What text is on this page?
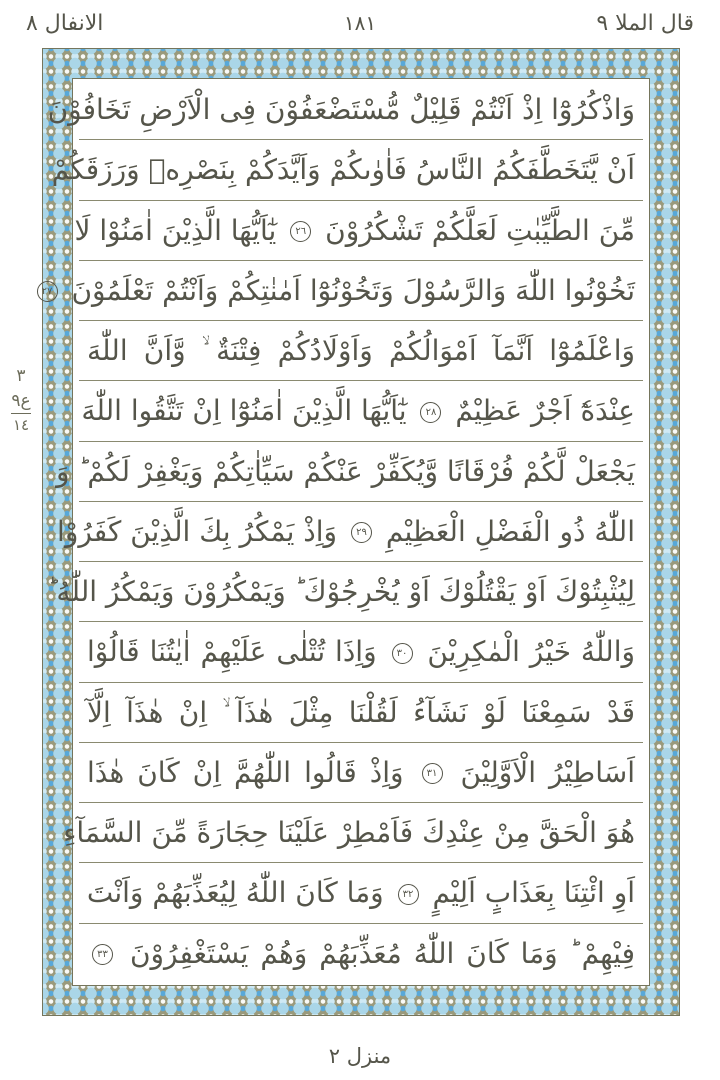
قال الملا ٩
١٨١
الانفال ٨
٣
ع٩
١٤
وَاذْكُرُوْٓا اِذْ اَنْتُمْ قَلِيْلٌ مُّسْتَضْعَفُوْنَ فِى الْاَرْضِ تَخَافُوْنَ
اَنْ يَّتَخَطَّفَكُمُ النَّاسُ فَاٰوٰىكُمْ وَاَيَّدَكُمْ بِنَصْرِهٖ وَرَزَقَكُمْ
مِّنَ الطَّيِّبٰتِ لَعَلَّكُمْ تَشْكُرُوْنَ ٢٦ يٰٓاَيُّهَا الَّذِيْنَ اٰمَنُوْا لَا
تَخُوْنُوا اللّٰهَ وَالرَّسُوْلَ وَتَخُوْنُوْٓا اَمٰنٰتِكُمْ وَاَنْتُمْ تَعْلَمُوْنَ ٢٧
وَاعْلَمُوْٓا اَنَّمَآ اَمْوَالُكُمْ وَاَوْلَادُكُمْ فِتْنَةٌ ۙ وَّاَنَّ اللّٰهَ
عِنْدَهٗٓ اَجْرٌ عَظِيْمٌ ٢٨ يٰٓاَيُّهَا الَّذِيْنَ اٰمَنُوْٓا اِنْ تَتَّقُوا اللّٰهَ
يَجْعَلْ لَّكُمْ فُرْقَانًا وَّيُكَفِّرْ عَنْكُمْ سَيِّاٰتِكُمْ وَيَغْفِرْ لَكُمْ ؕ وَ
اللّٰهُ ذُو الْفَضْلِ الْعَظِيْمِ ٢٩ وَاِذْ يَمْكُرُ بِكَ الَّذِيْنَ كَفَرُوْا
لِيُثْبِتُوْكَ اَوْ يَقْتُلُوْكَ اَوْ يُخْرِجُوْكَ ؕ وَيَمْكُرُوْنَ وَيَمْكُرُ اللّٰهُ ؕ
وَاللّٰهُ خَيْرُ الْمٰكِرِيْنَ ٣٠ وَاِذَا تُتْلٰى عَلَيْهِمْ اٰيٰتُنَا قَالُوْا
قَدْ سَمِعْنَا لَوْ نَشَآءُ لَقُلْنَا مِثْلَ هٰذَآ ۙ اِنْ هٰذَآ اِلَّآ
اَسَاطِيْرُ الْاَوَّلِيْنَ ٣١ وَاِذْ قَالُوا اللّٰهُمَّ اِنْ كَانَ هٰذَا
هُوَ الْحَقَّ مِنْ عِنْدِكَ فَاَمْطِرْ عَلَيْنَا حِجَارَةً مِّنَ السَّمَآءِ
اَوِ ائْتِنَا بِعَذَابٍ اَلِيْمٍ ٣٢ وَمَا كَانَ اللّٰهُ لِيُعَذِّبَهُمْ وَاَنْتَ
فِيْهِمْ ؕ وَمَا كَانَ اللّٰهُ مُعَذِّبَهُمْ وَهُمْ يَسْتَغْفِرُوْنَ ٣٣
منزل ٢
